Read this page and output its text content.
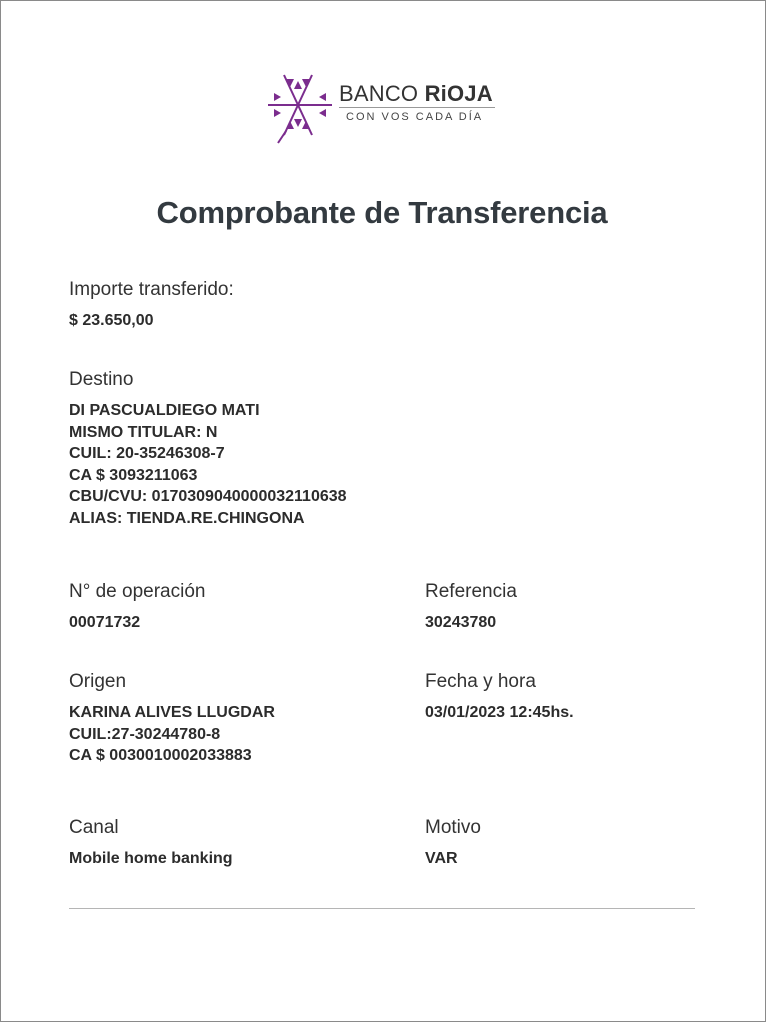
BANCO RiOJA
CON VOS CADA DÍA
Comprobante de Transferencia
Importe transferido:
$ 23.650,00
Destino
DI PASCUALDIEGO MATI
MISMO TITULAR: N
CUIL: 20-35246308-7
CA $ 3093211063
CBU/CVU: 0170309040000032110638
ALIAS: TIENDA.RE.CHINGONA
N° de operación
00071732
Referencia
30243780
Origen
KARINA ALIVES LLUGDAR
CUIL:27-30244780-8
CA $ 0030010002033883
Fecha y hora
03/01/2023 12:45hs.
Canal
Mobile home banking
Motivo
VAR
